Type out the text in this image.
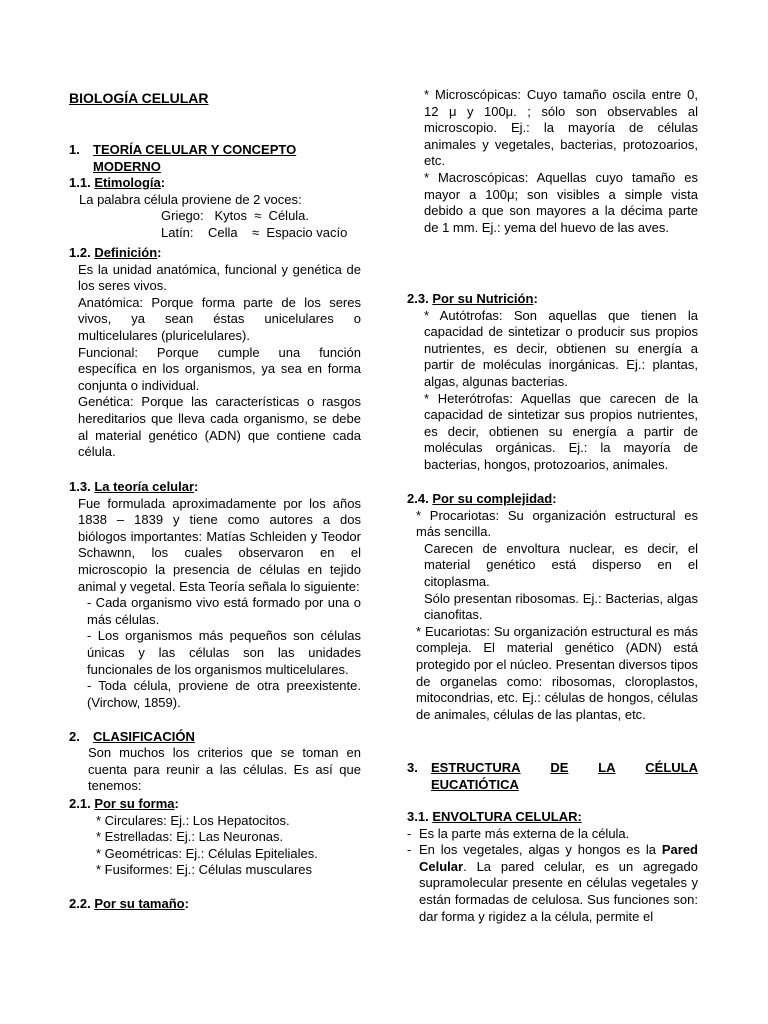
BIOLOGÍA CELULAR
1.	TEORÍA CELULAR Y CONCEPTO MODERNO

1.1. Etimología:

La palabra célula proviene de 2 voces:

Griego:   Kytos  ≈  Célula.

Latín:    Cella    ≈  Espacio vacío

1.2. Definición:

Es la unidad anatómica, funcional y genética de los seres vivos.

Anatómica: Porque forma parte de los seres vivos, ya sean éstas unicelulares o multicelulares (pluricelulares).

Funcional: Porque cumple una función específica en los organismos, ya sea en forma conjunta o individual.

Genética: Porque las características o rasgos hereditarios que lleva cada organismo, se debe al material genético (ADN) que contiene cada célula.

1.3. La teoría celular:

Fue formulada aproximadamente por los años 1838 – 1839 y tiene como autores a dos biólogos importantes: Matías Schleiden y Teodor Schawnn, los cuales observaron en el microscopio la presencia de células en tejido animal y vegetal. Esta Teoría señala lo siguiente:

- Cada organismo vivo está formado por una o más células.

- Los organismos más pequeños son células únicas y las células son las unidades funcionales de los organismos multicelulares.

- Toda célula, proviene de otra preexistente. (Virchow, 1859).

2.	CLASIFICACIÓN

Son muchos los criterios que se toman en cuenta para reunir a las células. Es así que tenemos:

2.1. Por su forma:

* Circulares: Ej.: Los Hepatocitos.

* Estrelladas: Ej.: Las Neuronas.

* Geométricas: Ej.: Células Epiteliales.

* Fusiformes: Ej.: Células musculares

2.2. Por su tamaño:

* Microscópicas: Cuyo tamaño oscila entre 0, 12 μ y 100μ. ; sólo son observables al microscopio. Ej.: la mayoría de células animales y vegetales, bacterias, protozoarios, etc.

* Macroscópicas: Aquellas cuyo tamaño es mayor a 100μ; son visibles a simple vista debido a que son mayores a la décima parte de 1 mm. Ej.: yema del huevo de las aves.

2.3. Por su Nutrición:

* Autótrofas: Son aquellas que tienen la capacidad de sintetizar o producir sus propios nutrientes, es decir, obtienen su energía a partir de moléculas inorgánicas. Ej.: plantas, algas, algunas bacterias.

* Heterótrofas: Aquellas que carecen de la capacidad de sintetizar sus propios nutrientes, es decir, obtienen su energía a partir de moléculas orgánicas. Ej.: la mayoría de bacterias, hongos, protozoarios, animales.

2.4. Por su complejidad:

* Procariotas: Su organización estructural es más sencilla.

Carecen de envoltura nuclear, es decir, el material genético está disperso en el citoplasma.

Sólo presentan ribosomas. Ej.: Bacterias, algas cianofitas.

* Eucariotas: Su organización estructural es más compleja. El material genético (ADN) está protegido por el núcleo. Presentan diversos tipos de organelas como: ribosomas, cloroplastos, mitocondrias, etc. Ej.: células de hongos, células de animales, células de las plantas, etc.

3.	ESTRUCTURA DE LA CÉLULA

EUCATIÓTICA

3.1. ENVOLTURA CELULAR:

- Es la parte más externa de la célula.

- En los vegetales, algas y hongos es la Pared Celular. La pared celular, es un agregado supramolecular presente en células vegetales y están formadas de celulosa. Sus funciones son: dar forma y rigidez a la célula, permite el
